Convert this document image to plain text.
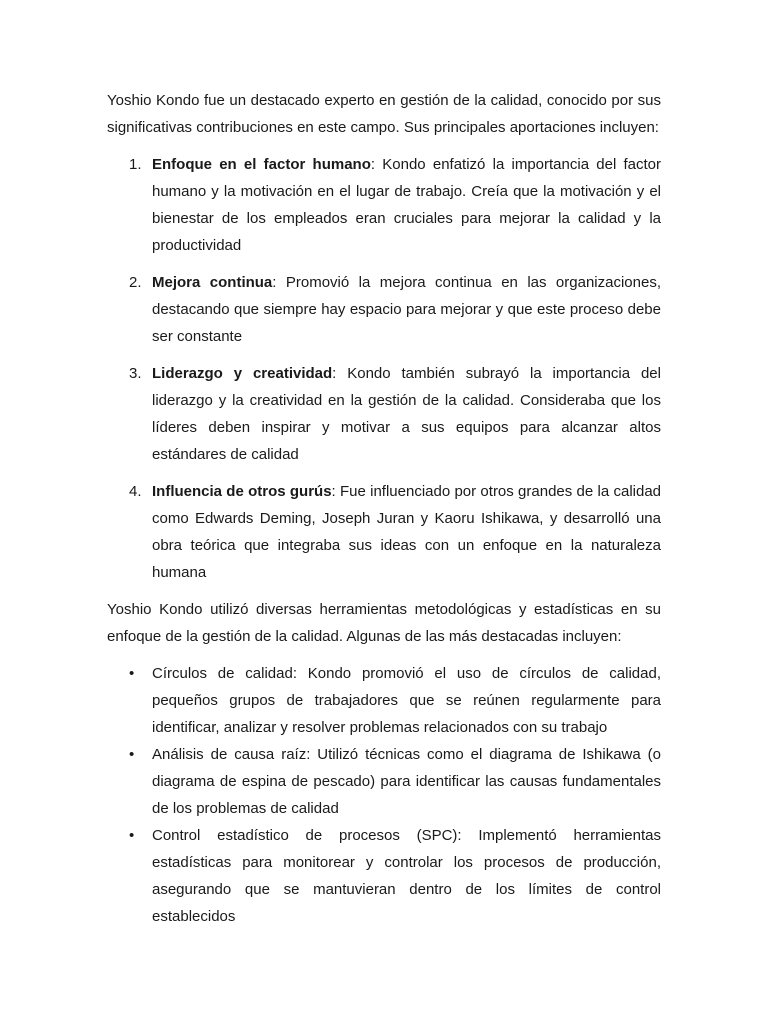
Yoshio Kondo fue un destacado experto en gestión de la calidad, conocido por sus significativas contribuciones en este campo. Sus principales aportaciones incluyen:

1. Enfoque en el factor humano: Kondo enfatizó la importancia del factor humano y la motivación en el lugar de trabajo. Creía que la motivación y el bienestar de los empleados eran cruciales para mejorar la calidad y la productividad
2. Mejora continua: Promovió la mejora continua en las organizaciones, destacando que siempre hay espacio para mejorar y que este proceso debe ser constante
3. Liderazgo y creatividad: Kondo también subrayó la importancia del liderazgo y la creatividad en la gestión de la calidad. Consideraba que los líderes deben inspirar y motivar a sus equipos para alcanzar altos estándares de calidad
4. Influencia de otros gurús: Fue influenciado por otros grandes de la calidad como Edwards Deming, Joseph Juran y Kaoru Ishikawa, y desarrolló una obra teórica que integraba sus ideas con un enfoque en la naturaleza humana

Yoshio Kondo utilizó diversas herramientas metodológicas y estadísticas en su enfoque de la gestión de la calidad. Algunas de las más destacadas incluyen:

• Círculos de calidad: Kondo promovió el uso de círculos de calidad, pequeños grupos de trabajadores que se reúnen regularmente para identificar, analizar y resolver problemas relacionados con su trabajo
• Análisis de causa raíz: Utilizó técnicas como el diagrama de Ishikawa (o diagrama de espina de pescado) para identificar las causas fundamentales de los problemas de calidad
• Control estadístico de procesos (SPC): Implementó herramientas estadísticas para monitorear y controlar los procesos de producción, asegurando que se mantuvieran dentro de los límites de control establecidos
